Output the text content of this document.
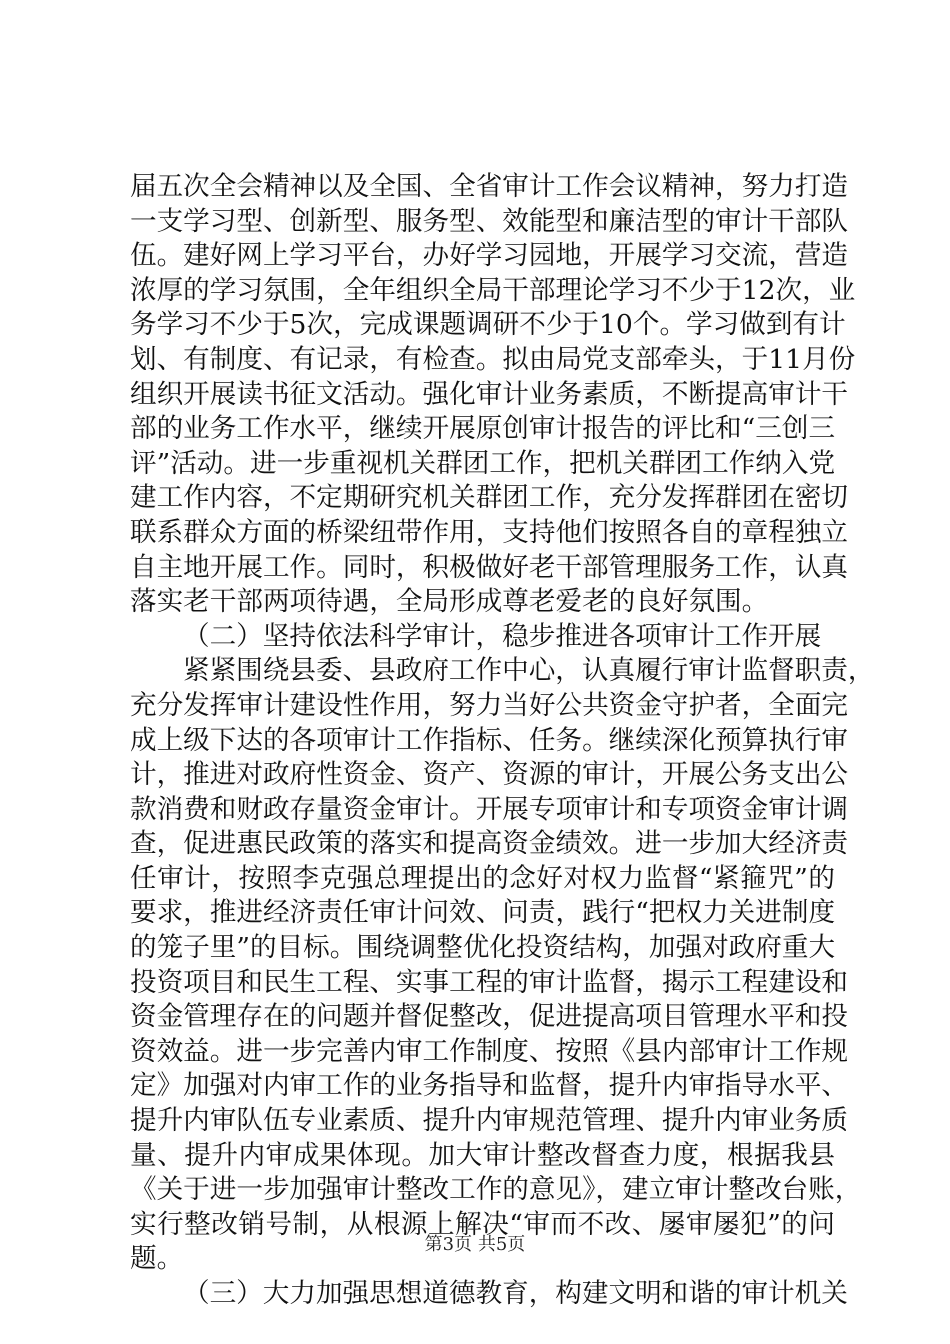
届五次全会精神以及全国、全省审计工作会议精神，努力打造
一支学习型、创新型、服务型、效能型和廉洁型的审计干部队
伍。建好网上学习平台，办好学习园地，开展学习交流，营造
浓厚的学习氛围，全年组织全局干部理论学习不少于12次，业
务学习不少于5次，完成课题调研不少于10个。学习做到有计
划、有制度、有记录，有检查。拟由局党支部牵头，于11月份
组织开展读书征文活动。强化审计业务素质，不断提高审计干
部的业务工作水平，继续开展原创审计报告的评比和“三创三
评”活动。进一步重视机关群团工作，把机关群团工作纳入党
建工作内容，不定期研究机关群团工作，充分发挥群团在密切
联系群众方面的桥梁纽带作用，支持他们按照各自的章程独立
自主地开展工作。同时，积极做好老干部管理服务工作，认真
落实老干部两项待遇，全局形成尊老爱老的良好氛围。
（二）坚持依法科学审计，稳步推进各项审计工作开展
紧紧围绕县委、县政府工作中心，认真履行审计监督职责，
充分发挥审计建设性作用，努力当好公共资金守护者，全面完
成上级下达的各项审计工作指标、任务。继续深化预算执行审
计，推进对政府性资金、资产、资源的审计，开展公务支出公
款消费和财政存量资金审计。开展专项审计和专项资金审计调
查，促进惠民政策的落实和提高资金绩效。进一步加大经济责
任审计，按照李克强总理提出的念好对权力监督“紧箍咒”的
要求，推进经济责任审计问效、问责，践行“把权力关进制度
的笼子里”的目标。围绕调整优化投资结构，加强对政府重大
投资项目和民生工程、实事工程的审计监督，揭示工程建设和
资金管理存在的问题并督促整改，促进提高项目管理水平和投
资效益。进一步完善内审工作制度、按照《县内部审计工作规
定》加强对内审工作的业务指导和监督，提升内审指导水平、
提升内审队伍专业素质、提升内审规范管理、提升内审业务质
量、提升内审成果体现。加大审计整改督查力度，根据我县
《关于进一步加强审计整改工作的意见》，建立审计整改台账，
实行整改销号制，从根源上解决“审而不改、屡审屡犯”的问
题。
（三）大力加强思想道德教育，构建文明和谐的审计机关
第3页 共5页
